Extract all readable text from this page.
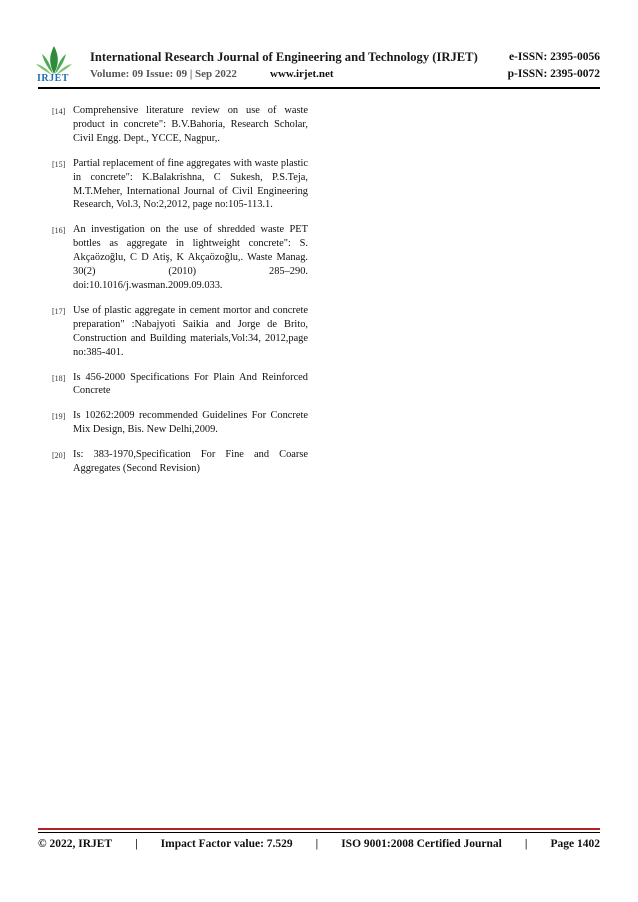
IRJET
International Research Journal of Engineering and Technology (IRJET)	e-ISSN: 2395-0056
Volume: 09 Issue: 09 | Sep 2022	www.irjet.net	p-ISSN: 2395-0072
[14] Comprehensive literature review on use of waste product in concrete": B.V.Bahoria, Research Scholar, Civil Engg. Dept., YCCE, Nagpur,.
[15] Partial replacement of fine aggregates with waste plastic in concrete": K.Balakrishna, C Sukesh, P.S.Teja, M.T.Meher, International Journal of Civil Engineering Research, Vol.3, No:2,2012, page no:105-113.1.
[16] An investigation on the use of shredded waste PET bottles as aggregate in lightweight concrete": S. Akçaözoğlu, C D Atiş, K Akçaözoğlu,. Waste Manag. 30(2) (2010) 285–290. doi:10.1016/j.wasman.2009.09.033.
[17] Use of plastic aggregate in cement mortor and concrete preparation" :Nabajyoti Saikia and Jorge de Brito, Construction and Building materials,Vol:34, 2012,page no:385-401.
[18] Is 456-2000 Specifications For Plain And Reinforced Concrete
[19] Is 10262:2009 recommended Guidelines For Concrete Mix Design, Bis. New Delhi,2009.
[20] Is: 383-1970,Specification For Fine and Coarse Aggregates (Second Revision)
© 2022, IRJET | Impact Factor value: 7.529 | ISO 9001:2008 Certified Journal | Page 1402
